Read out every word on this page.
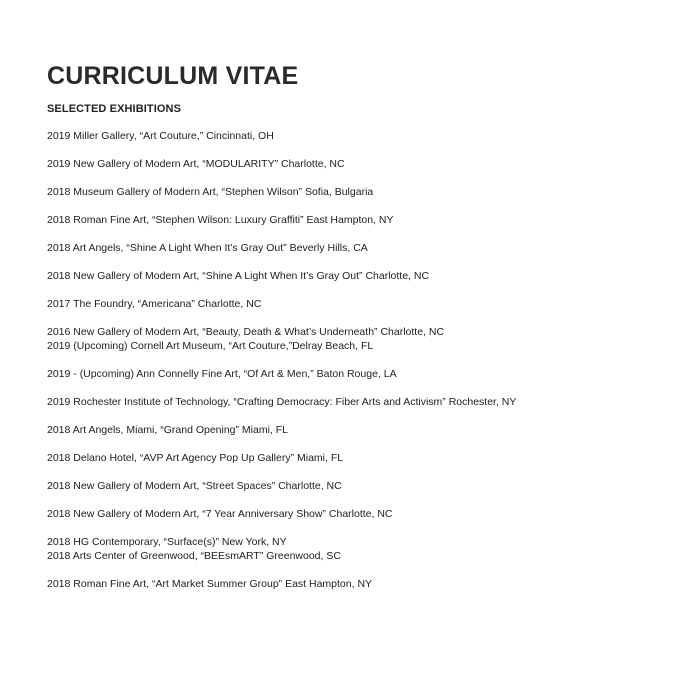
CURRICULUM VITAE
SELECTED EXHIBITIONS
2019 Miller Gallery, “Art Couture,” Cincinnati, OH
2019 New Gallery of Modern Art, “MODULARITY” Charlotte, NC
2018 Museum Gallery of Modern Art, “Stephen Wilson” Sofia, Bulgaria
2018 Roman Fine Art, “Stephen Wilson: Luxury Graffiti” East Hampton, NY
2018 Art Angels, “Shine A Light When It’s Gray Out” Beverly Hills, CA
2018 New Gallery of Modern Art, “Shine A Light When It’s Gray Out” Charlotte, NC
2017 The Foundry, “Americana” Charlotte, NC
2016 New Gallery of Modern Art, “Beauty, Death & What’s Underneath” Charlotte, NC
2019 (Upcoming) Cornell Art Museum, “Art Couture,”Delray Beach, FL
2019 - (Upcoming) Ann Connelly Fine Art, “Of Art & Men,” Baton Rouge, LA
2019 Rochester Institute of Technology, “Crafting Democracy: Fiber Arts and Activism” Rochester, NY
2018 Art Angels, Miami, “Grand Opening” Miami, FL
2018 Delano Hotel, “AVP Art Agency Pop Up Gallery” Miami, FL
2018 New Gallery of Modern Art, “Street Spaces” Charlotte, NC
2018 New Gallery of Modern Art, “7 Year Anniversary Show” Charlotte, NC
2018 HG Contemporary, “Surface(s)” New York, NY
2018 Arts Center of Greenwood, “BEEsmART” Greenwood, SC
2018 Roman Fine Art, “Art Market Summer Group” East Hampton, NY
